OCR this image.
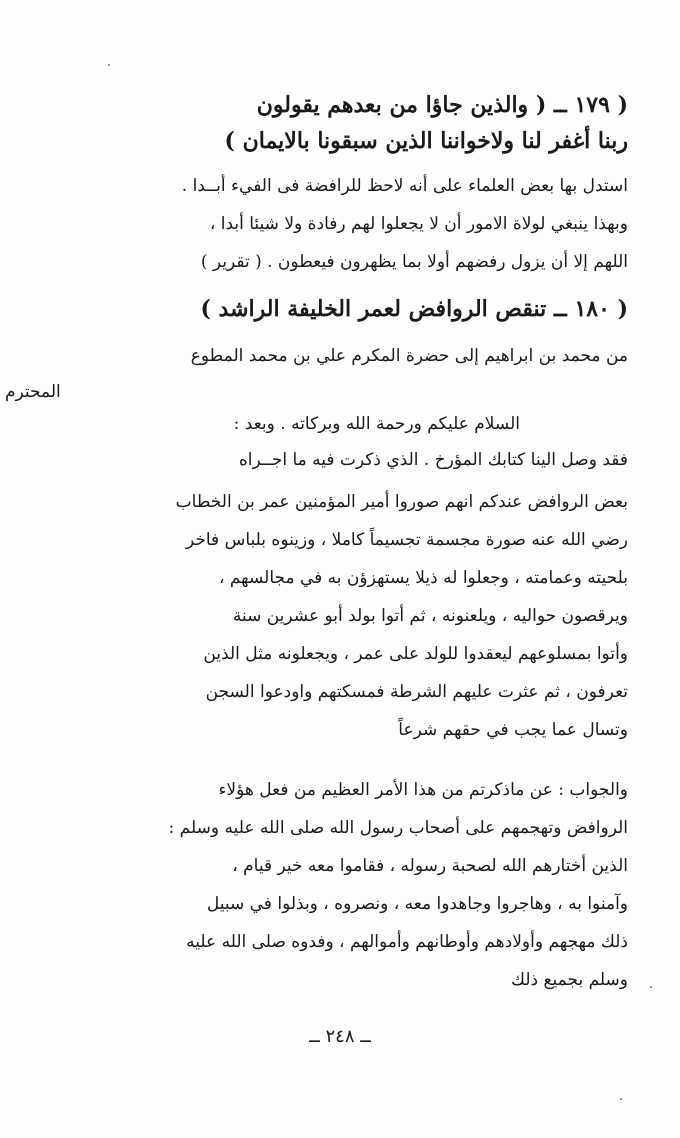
( ١٧٩ ــ ( والذين جاؤا من بعدهم يقولون
ربنا أغفر لنا ولاخواننا الذين سبقونا بالايمان )
استدل بها بعض العلماء على أنه لاحظ للرافضة فى الفيء أبــدا .
وبهذا ينبغي لولاة الامور أن لا يجعلوا لهم رفادة ولا شيئا أبدا ،
اللهم إلا أن يزول رفضهم أولا بما يظهرون فيعطون . ( تقرير )
( ١٨٠ ــ تنقص الروافض لعمر الخليفة الراشد )
من محمد بن ابراهيم إلى حضرة المكرم علي بن محمد المطوع
المحترم
السلام عليكم ورحمة الله وبركاته . وبعد :
فقد وصل الينا كتابك المؤرخ . الذي ذكرت فيه ما اجــراه
بعض الروافض عندكم انهم صوروا أمير المؤمنين عمر بن الخطاب
رضي الله عنه صورة مجسمة تجسيماً كاملا ، وزينوه بلباس فاخر
بلحيته وعمامته ، وجعلوا له ذيلا يستهزؤن به في مجالسهم ،
ويرقصون حواليه ، ويلعنونه ، ثم أتوا بولد أبو عشرين سنة
وأتوا بمسلوعهم ليعقدوا للولد على عمر ، ويجعلونه مثل الذين
تعرفون ، ثم عثرت عليهم الشرطة فمسكتهم واودعوا السجن
وتسال عما يجب في حقهم شرعاً
والجواب : عن ماذكرتم من هذا الأمر العظيم من فعل هؤلاء
الروافض وتهجمهم على أصحاب رسول الله صلى الله عليه وسلم :
الذين أختارهم الله لصحبة رسوله ، فقاموا معه خير قيام ،
وآمنوا به ، وهاجروا وجاهدوا معه ، ونصروه ، وبذلوا في سبيل
ذلك مهجهم وأولادهم وأوطانهم وأموالهم ، وفدوه صلى الله عليه
وسلم بجميع ذلك
ــ ٢٤٨ ــ
